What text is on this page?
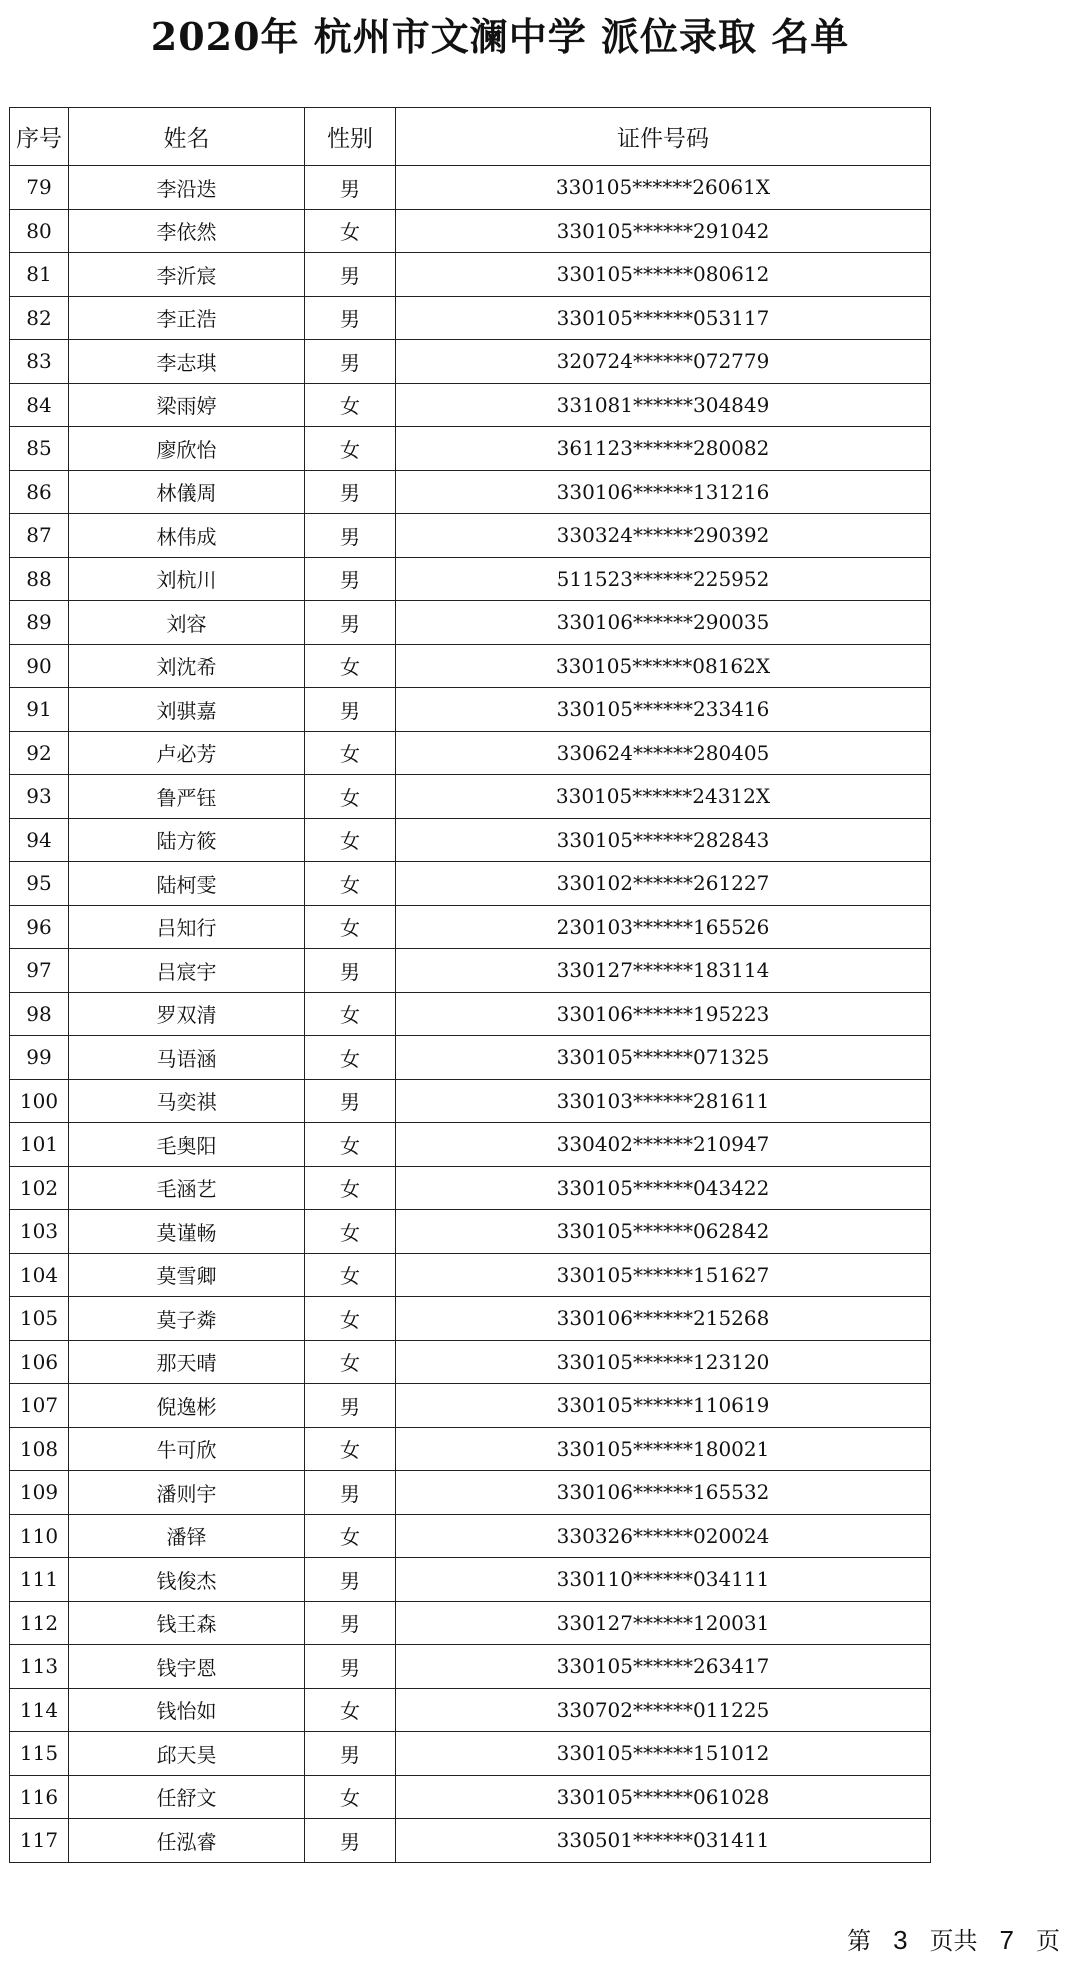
2020年 杭州市文澜中学 派位录取 名单
序号	姓名	性别	证件号码
79	李沿迭	男	330105******26061X
80	李依然	女	330105******291042
81	李沂宸	男	330105******080612
82	李正浩	男	330105******053117
83	李志琪	男	320724******072779
84	梁雨婷	女	331081******304849
85	廖欣怡	女	361123******280082
86	林儀周	男	330106******131216
87	林伟成	男	330324******290392
88	刘杭川	男	511523******225952
89	刘容	男	330106******290035
90	刘沈希	女	330105******08162X
91	刘骐嘉	男	330105******233416
92	卢必芳	女	330624******280405
93	鲁严钰	女	330105******24312X
94	陆方筱	女	330105******282843
95	陆柯雯	女	330102******261227
96	吕知行	女	230103******165526
97	吕宸宇	男	330127******183114
98	罗双清	女	330106******195223
99	马语涵	女	330105******071325
100	马奕祺	男	330103******281611
101	毛奥阳	女	330402******210947
102	毛涵艺	女	330105******043422
103	莫谨畅	女	330105******062842
104	莫雪卿	女	330105******151627
105	莫子粦	女	330106******215268
106	那天晴	女	330105******123120
107	倪逸彬	男	330105******110619
108	牛可欣	女	330105******180021
109	潘则宇	男	330106******165532
110	潘铎	女	330326******020024
111	钱俊杰	男	330110******034111
112	钱王森	男	330127******120031
113	钱宇恩	男	330105******263417
114	钱怡如	女	330702******011225
115	邱天昊	男	330105******151012
116	任舒文	女	330105******061028
117	任泓睿	男	330501******031411
第 3 页共 7 页
